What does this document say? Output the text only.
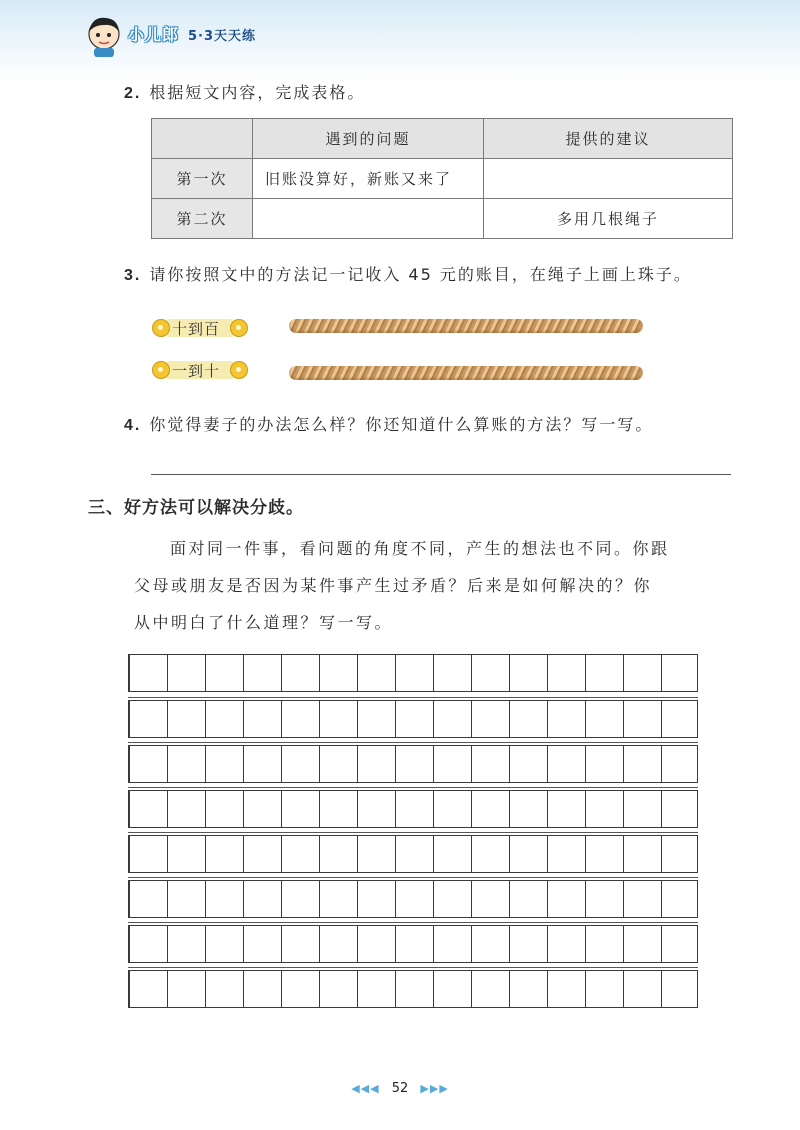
小儿郎 5·3天天练
2. 根据短文内容，完成表格。
	遇到的问题	提供的建议
第一次	旧账没算好，新账又来了	
第二次		多用几根绳子
3. 请你按照文中的方法记一记收入 45 元的账目，在绳子上画上珠子。
十到百
一到十
4. 你觉得妻子的办法怎么样？你还知道什么算账的方法？写一写。
三、好方法可以解决分歧。
面对同一件事，看问题的角度不同，产生的想法也不同。你跟
父母或朋友是否因为某件事产生过矛盾？后来是如何解决的？你
从中明白了什么道理？写一写。
◀◀◀ 52 ▶▶▶
